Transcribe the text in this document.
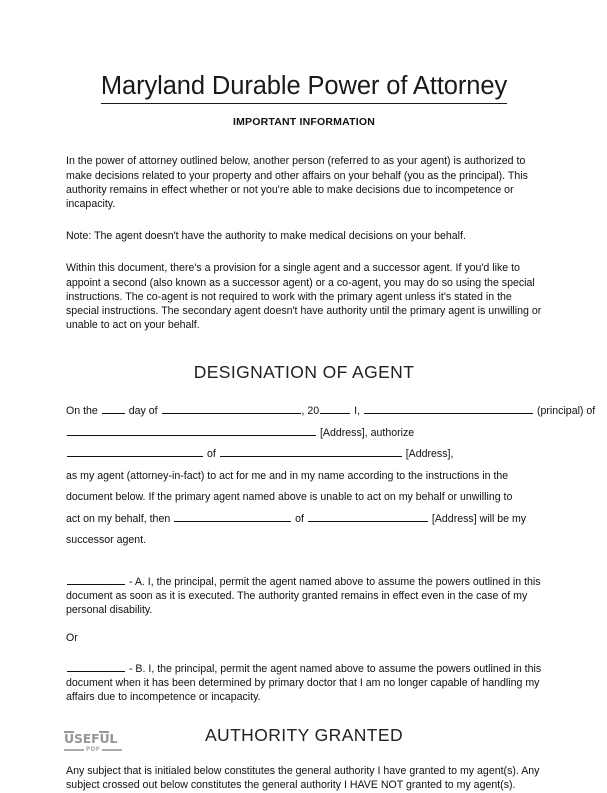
Maryland Durable Power of Attorney
IMPORTANT INFORMATION

In the power of attorney outlined below, another person (referred to as your agent) is authorized to make decisions related to your property and other affairs on your behalf (you as the principal). This authority remains in effect whether or not you're able to make decisions due to incompetence or incapacity.

Note: The agent doesn't have the authority to make medical decisions on your behalf.

Within this document, there's a provision for a single agent and a successor agent. If you'd like to appoint a second (also known as a successor agent) or a co-agent, you may do so using the special instructions. The co-agent is not required to work with the primary agent unless it's stated in the special instructions. The secondary agent doesn't have authority until the primary agent is unwilling or unable to act on your behalf.

DESIGNATION OF AGENT
On the	day of	, 20	I,	(principal) of
[Address], authorize
of	[Address],
as my agent (attorney-in-fact) to act for me and in my name according to the instructions in the
document below. If the primary agent named above is unable to act on my behalf or unwilling to
act on my behalf, then	of	[Address] will be my
successor agent.

- A. I, the principal, permit the agent named above to assume the powers outlined in this document as soon as it is executed. The authority granted remains in effect even in the case of my personal disability.

Or

- B. I, the principal, permit the agent named above to assume the powers outlined in this document when it has been determined by primary doctor that I am no longer capable of handling my affairs due to incompetence or incapacity.

AUTHORITY GRANTED

Any subject that is initialed below constitutes the general authority I have granted to my agent(s). Any subject crossed out below constitutes the general authority I HAVE NOT granted to my agent(s).

USEFUL
PDF
